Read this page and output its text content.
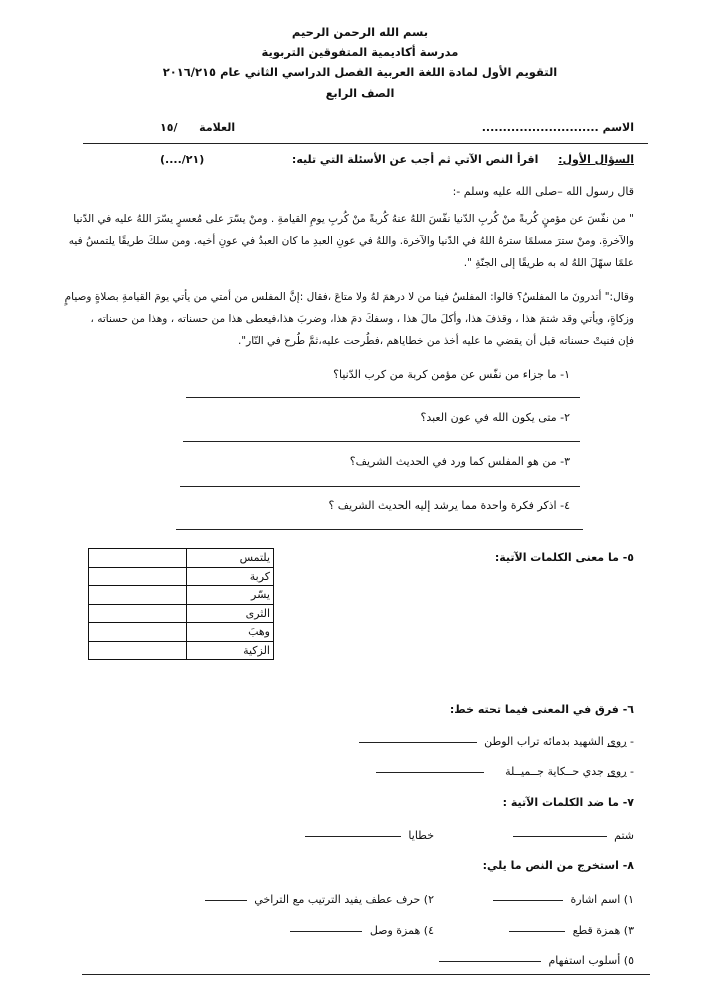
بسم الله الرحمن الرحيم
مدرسة أكاديمية المتفوقين التربوية
التقويم الأول لمادة اللغة العربية الفصل الدراسي الثاني عام ٢٠١٦/٢١٥
الصف الرابع
الاسم ............................
العلامة  /١٥
السؤال الأول:  اقرأ النص الآتي ثم أجب عن الأسئلة التي تليه:
(..../٢١)
قال رسول الله –صلى الله عليه وسلم -:
" من نفّسَ عن مؤمنٍ كُربةً منْ كُربِ الدّنيا نفّسَ اللهُ عنهُ كُربةً منْ كُربِ يومِ القيامةِ . ومنْ يسّرَ على مُعسرٍ يسّرَ اللهُ عليه في الدّنيا
والآخرةِ. ومنْ سترَ مسلمًا سترهُ اللهُ في الدّنيا والآخرة. واللهُ في عونِ العبدِ ما كان العبدُ في عونِ أخيه. ومن سلكَ طريقًا يلتمسُ فيه
علمًا سهّلَ اللهُ له به طريقًا إلى الجنّةِ ".
وقال:" أتدرونَ ما المفلسُ؟ قالوا: المفلسُ فينا من لا درهمَ لهُ ولا متاعَ ،فقال :إنَّ المفلس من أمتي من يأتي يومَ القيامةِ بصلاةٍ وصيامٍ
وزكاةٍ، ويأتي وقد شتمَ هذا ، وقذفَ هذا، وأكلَ مالَ هذا ، وسفكَ دمَ هذا، وضربَ هذا،فيعطى هذا من حسناته ، وهذا من حسناته ،
فإن فنيتْ حسناته قبل أن يقضي ما عليه أخذ من خطاياهم ،فطُرحت عليه،ثمَّ طُرح في النّار".
١- ما جزاء من نفّس عن مؤمن كربة من كرب الدّنيا؟
٢- متى يكون الله في عون العبد؟
٣- من هو المفلس كما ورد في الحديث الشريف؟
٤- اذكر فكرة واحدة مما يرشد إليه الحديث الشريف ؟
٥- ما معنى الكلمات الآتية:
يلتمس	
كربة	
يسّر	
الثرى	
وهبَ	
الزكية	
٦- فرق في المعنى فيما تحته خط:
- روى الشهيد بدمائه تراب الوطن
- روى جدي حــكاية جــميــلة
٧- ما ضد الكلمات الآتية :
شتم
خطايا
٨- استخرج من النص ما يلي:
١) اسم اشارة
٢) حرف عطف يفيد الترتيب مع التراخي
٣) همزة قطع
٤) همزة وصل
٥) أسلوب استفهام
